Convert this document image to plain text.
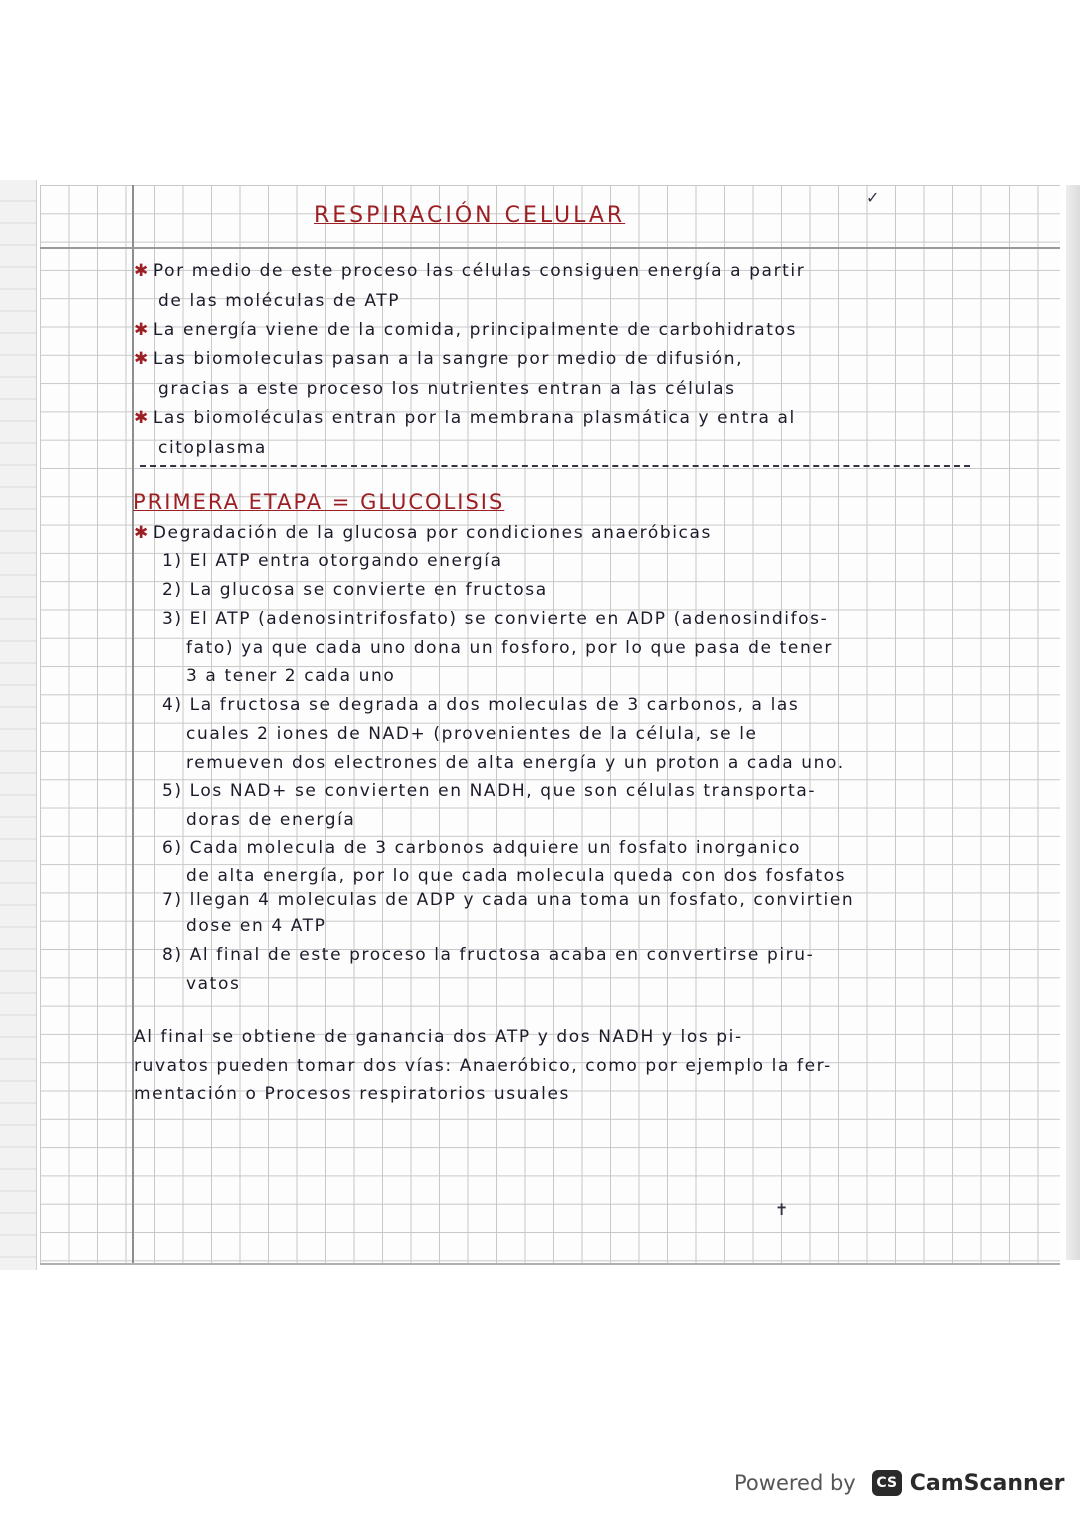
RESPIRACIÓN CELULAR
✱ Por medio de este proceso las células consiguen energía a partir
de las moléculas de ATP
✱ La energía viene de la comida, principalmente de carbohidratos
✱ Las biomoleculas pasan a la sangre por medio de difusión,
gracias a este proceso los nutrientes entran a las células
✱ Las biomoléculas entran por la membrana plasmática y entra al
citoplasma
PRIMERA ETAPA = GLUCOLISIS
✱ Degradación de la glucosa por condiciones anaeróbicas
1) El ATP entra otorgando energía
2) La glucosa se convierte en fructosa
3) El ATP (adenosintrifosfato) se convierte en ADP (adenosindifos-
fato) ya que cada uno dona un fosforo, por lo que pasa de tener
3 a tener 2 cada uno
4) La fructosa se degrada a dos moleculas de 3 carbonos, a las
cuales 2 iones de NAD+ (provenientes de la célula, se le
remueven dos electrones de alta energía y un proton a cada uno.
5) Los NAD+ se convierten en NADH, que son células transporta-
doras de energía
6) Cada molecula de 3 carbonos adquiere un fosfato inorganico
de alta energía, por lo que cada molecula queda con dos fosfatos
7) llegan 4 moleculas de ADP y cada una toma un fosfato, convirtien
dose en 4 ATP
8) Al final de este proceso la fructosa acaba en convertirse piru-
vatos
Al final se obtiene de ganancia dos ATP y dos NADH y los pi-
ruvatos pueden tomar dos vías: Anaeróbico, como por ejemplo la fer-
mentación o Procesos respiratorios usuales
✓
✝
Powered by	CS CamScanner
